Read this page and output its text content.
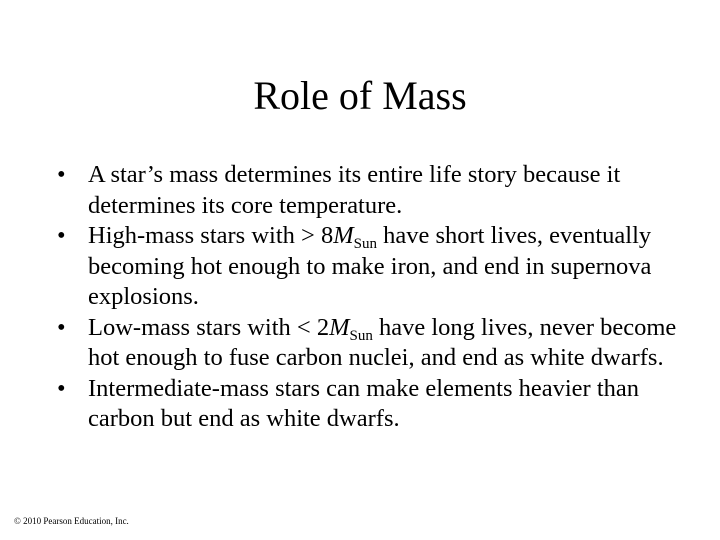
Role of Mass
• A star’s mass determines its entire life story because it determines its core temperature.
• High-mass stars with > $8M_{Sun}$ have short lives, eventually becoming hot enough to make iron, and end in supernova explosions.
• Low-mass stars with < $2M_{Sun}$ have long lives, never become hot enough to fuse carbon nuclei, and end as white dwarfs.
• Intermediate-mass stars can make elements heavier than carbon but end as white dwarfs.
© 2010 Pearson Education, Inc.
